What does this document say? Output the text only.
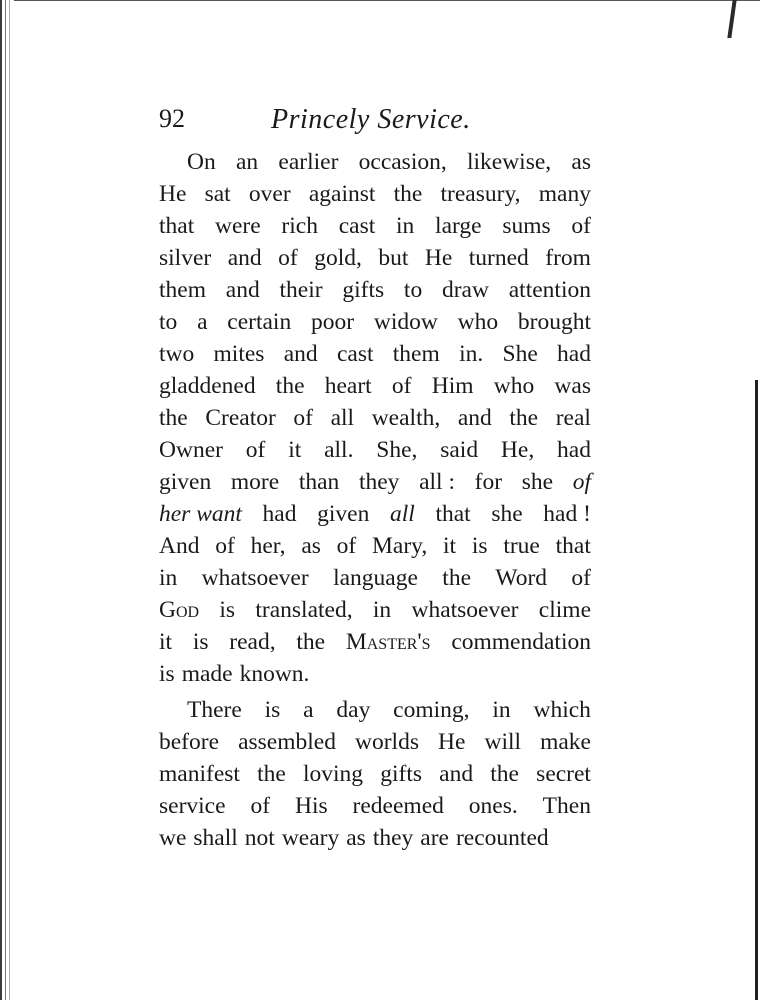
92	Princely Service.
On an earlier occasion, likewise, as
He sat over against the treasury, many
that were rich cast in large sums of
silver and of gold, but He turned from
them and their gifts to draw attention
to a certain poor widow who brought
two mites and cast them in. She had
gladdened the heart of Him who was
the Creator of all wealth, and the real
Owner of it all. She, said He, had
given more than they all : for she of
her want had given all that she had !
And of her, as of Mary, it is true that
in whatsoever language the Word of
God is translated, in whatsoever clime
it is read, the Master's commendation
is made known.
There is a day coming, in which
before assembled worlds He will make
manifest the loving gifts and the secret
service of His redeemed ones. Then
we shall not weary as they are recounted
